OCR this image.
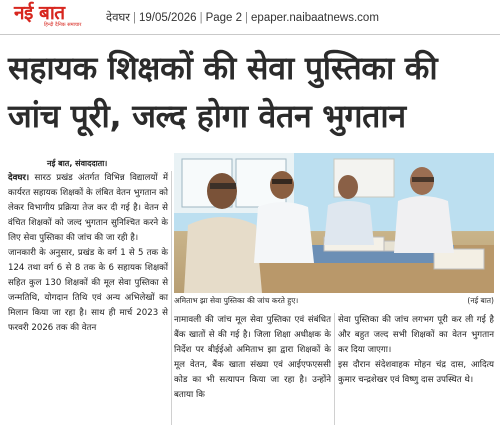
नई बात
हिन्दी दैनिक समाचार
देवघर | 19/05/2026 | Page 2 | epaper.naibaatnews.com
सहायक शिक्षकों की सेवा पुस्तिका की
जांच पूरी, जल्द होगा वेतन भुगतान
नई बात, संवाददाता।
अमिताभ झा सेवा पुस्तिका की जांच करते हुए।	(नई बात)

देवघर। सारठ प्रखंड अंतर्गत विभिन्न विद्यालयों में कार्यरत सहायक शिक्षकों के लंबित वेतन भुगतान को लेकर विभागीय प्रक्रिया तेज कर दी गई है। वेतन से वंचित शिक्षकों को जल्द भुगतान सुनिश्चित करने के लिए सेवा पुस्तिका की जांच की जा रही है।

जानकारी के अनुसार, प्रखंड के वर्ग 1 से 5 तक के 124 तथा वर्ग 6 से 8 तक के 6 सहायक शिक्षकों सहित कुल 130 शिक्षकों की मूल सेवा पुस्तिका से जन्मतिथि, योगदान तिथि एवं अन्य अभिलेखों का मिलान किया जा रहा है। साथ ही मार्च 2023 से फरवरी 2026 तक की वेतन

नामावली की जांच मूल सेवा पुस्तिका एवं संबंधित बैंक खातों से की गई है। जिला शिक्षा अधीक्षक के निर्देश पर बीईईओ अमिताभ झा द्वारा शिक्षकों के मूल वेतन, बैंक खाता संख्या एवं आईएफएससी कोड का भी सत्यापन किया जा रहा है। उन्होंने बताया कि

सेवा पुस्तिका की जांच लगभग पूरी कर ली गई है और बहुत जल्द सभी शिक्षकों का वेतन भुगतान कर दिया जाएगा।

इस दौरान संदेशवाहक मोहन चंद्र दास, आदित्य कुमार चन्द्रशेखर एवं विष्णु दास उपस्थित थे।
